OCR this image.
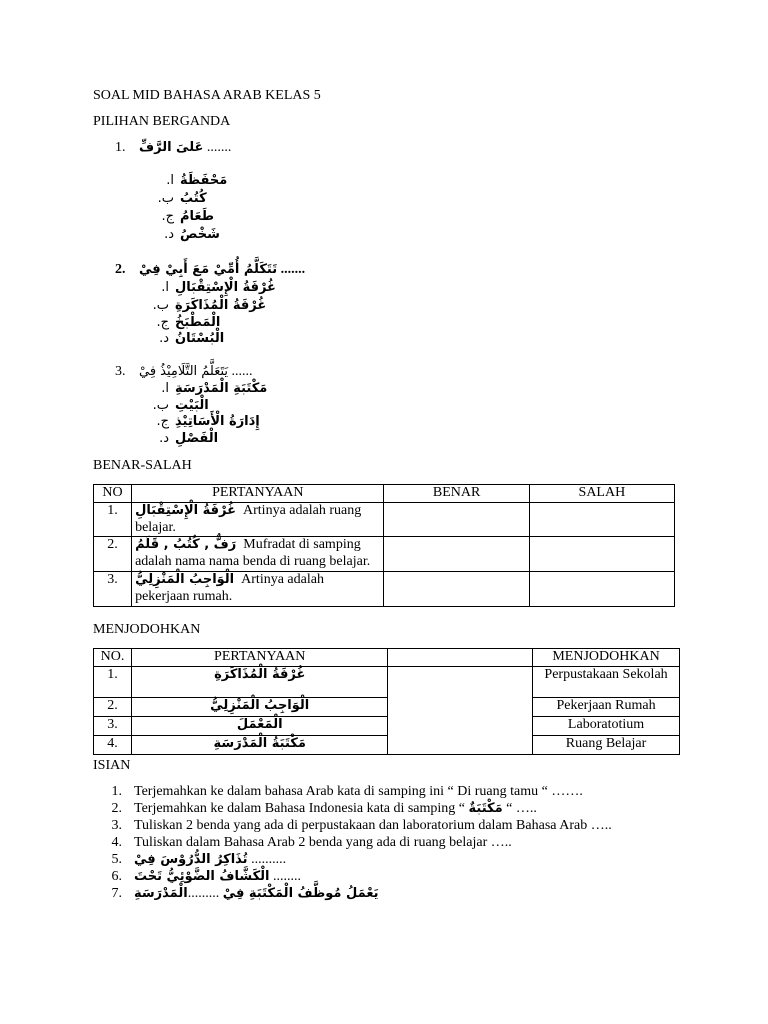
SOAL MID BAHASA ARAB KELAS 5
PILIHAN BERGANDA
1. عَلىَ الرَّفِّ .......
ا. مَحْفَظَةُ
ب. كُتُبُ
ج. طَعَامُ
د. شَخْصُ
2. تَتَكَلَّمُ أُمِّيْ مَعَ أَبِيْ فِيْ .......
ا. غُرْفَةُ الْإِسْتِقْبَالِ
ب. غُرْفَةُ الْمُذَاكَرَةِ
ج. الْمَطْبَخُ
د. الْبُسْتَانُ
3. يَتَعَلَّمُ التَّلَامِيْذُ فِيْ ......
ا. مَكْتَبَةِ الْمَدْرَسَةِ
ب. الْبَيْتِ
ج. إِدَارَةُ الْأَسَاتِيْذِ
د. الْفَصْلِ
BENAR-SALAH
NO	PERTANYAAN	BENAR	SALAH
1.	غُرْفَةُ الْإِسْتِقْبَالِ Artinya adalah ruang
belajar.		
2.	رَفٌّ , كُتُبُ , قَلَمُ Mufradat di samping
adalah nama nama benda di ruang belajar.		
3.	الْوَاجِبُ الْمَنْزِلِيُّ Artinya adalah
pekerjaan rumah.		
MENJODOHKAN
NO.	PERTANYAAN		MENJODOHKAN
1.	غُرْفَةُ الْمُذَاكَرَةِ		Perpustakaan Sekolah
2.	الْوَاجِبُ الْمَنْزِلِيُّ		Pekerjaan Rumah
3.	الْمَعْمَلَ		Laboratotium
4.	مَكْتَبَةُ الْمَدْرَسَةِ		Ruang Belajar
ISIAN
1. Terjemahkan ke dalam bahasa Arab kata di samping ini “ Di ruang tamu “ …….
2. Terjemahkan ke dalam Bahasa Indonesia kata di samping “ مَكْتَبَةٌ “ …..
3. Tuliskan 2 benda yang ada di perpustakaan dan laboratorium dalam Bahasa Arab …..
4. Tuliskan dalam Bahasa Arab 2 benda yang ada di ruang belajar …..
5. تُذَاكِرُ الدُّرُوْسَ فِيْ ..........
6. الْكَشَّافُ الضَّوْئِيُّ تَحْتَ ........
7. الْمَدْرَسَةِ......... يَعْمَلُ مُوظَّفُ الْمَكْتَبَةِ فِيْ
